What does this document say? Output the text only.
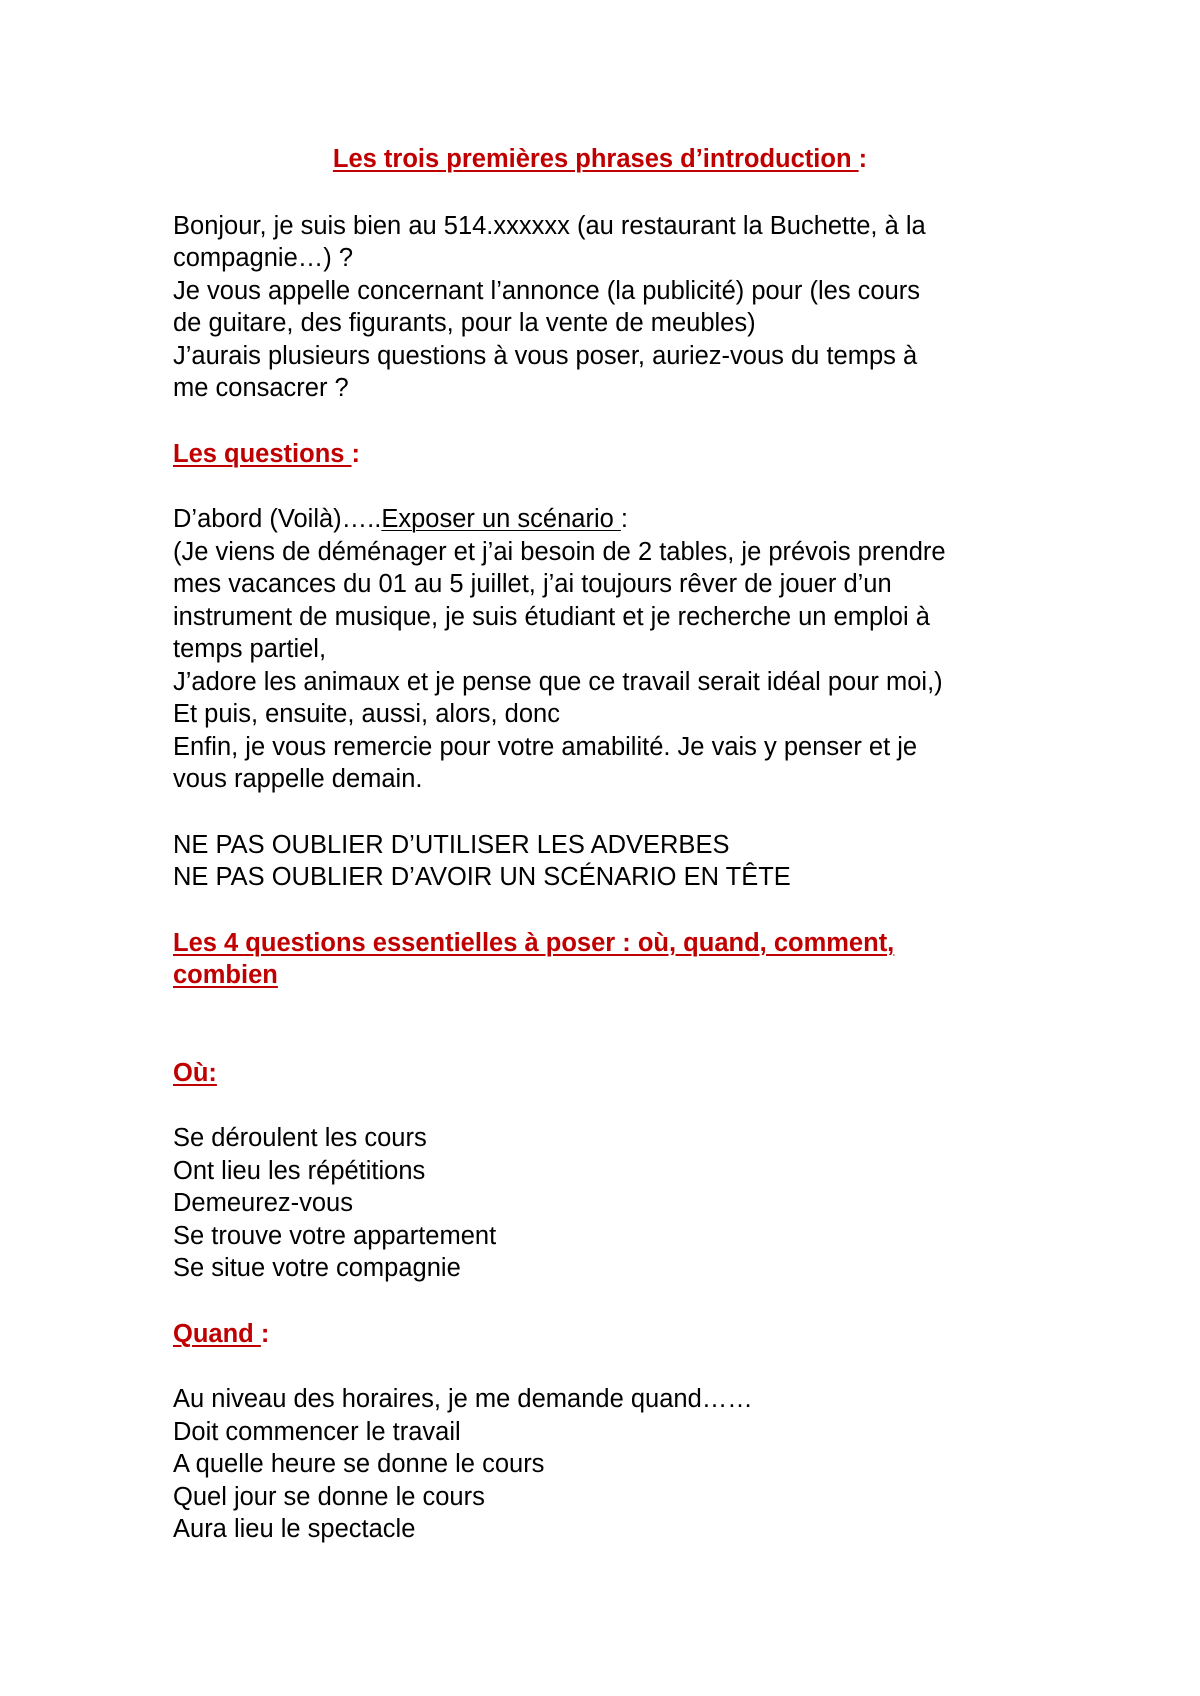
Les trois premières phrases d’introduction :

Bonjour, je suis bien au 514.xxxxxx (au restaurant la Buchette, à la

compagnie…) ?

Je vous appelle concernant l’annonce (la publicité) pour (les cours

de guitare, des figurants, pour la vente de meubles)

J’aurais plusieurs questions à vous poser, auriez-vous du temps à

me consacrer ?

Les questions :

D’abord (Voilà)…..Exposer un scénario :

(Je viens de déménager et j’ai besoin de 2 tables, je prévois prendre

mes vacances du 01 au 5 juillet, j’ai toujours rêver de jouer d’un

instrument de musique, je suis étudiant et je recherche un emploi à

temps partiel,

J’adore les animaux et je pense que ce travail serait idéal pour moi,)

Et puis, ensuite, aussi, alors, donc

Enfin, je vous remercie pour votre amabilité. Je vais y penser et je

vous rappelle demain.

NE PAS OUBLIER D’UTILISER LES ADVERBES

NE PAS OUBLIER D’AVOIR UN SCÉNARIO EN TÊTE

Les 4 questions essentielles à poser : où, quand, comment,

combien

Où:

Se déroulent les cours

Ont lieu les répétitions

Demeurez-vous

Se trouve votre appartement

Se situe votre compagnie

Quand :

Au niveau des horaires, je me demande quand……

Doit commencer le travail

A quelle heure se donne le cours

Quel jour se donne le cours

Aura lieu le spectacle
